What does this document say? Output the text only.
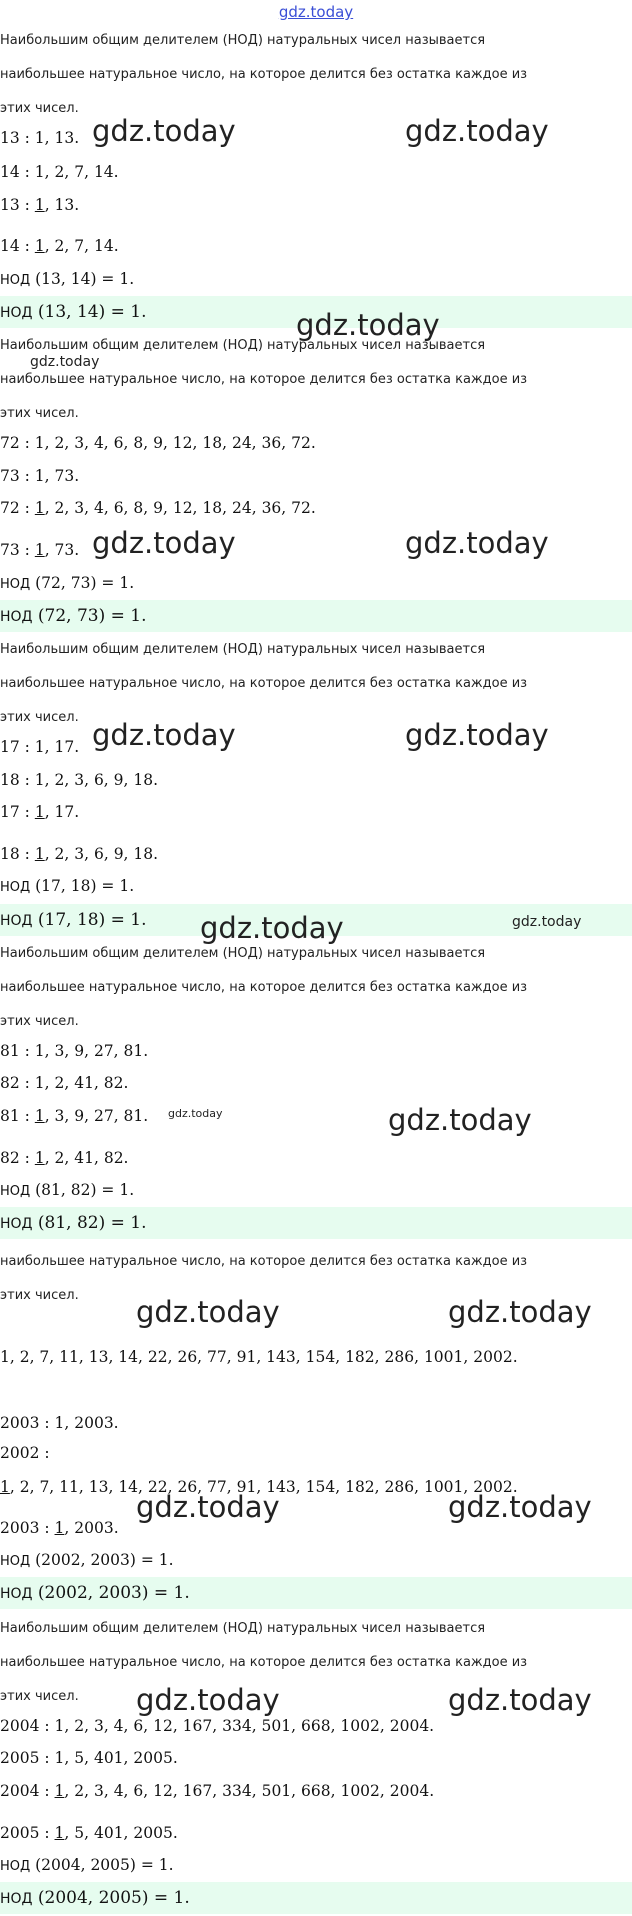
gdz.today
Наибольшим общим делителем (НОД) натуральных чисел называется
наибольшее натуральное число, на которое делится без остатка каждое из
этих чисел.
13 : 1, 13.
14 : 1, 2, 7, 14.
13 : 1, 13.
14 : 1, 2, 7, 14.
НОД (13, 14) = 1.
НОД (13, 14) = 1.
Наибольшим общим делителем (НОД) натуральных чисел называется
наибольшее натуральное число, на которое делится без остатка каждое из
этих чисел.
72 : 1, 2, 3, 4, 6, 8, 9, 12, 18, 24, 36, 72.
73 : 1, 73.
72 : 1, 2, 3, 4, 6, 8, 9, 12, 18, 24, 36, 72.
73 : 1, 73.
НОД (72, 73) = 1.
НОД (72, 73) = 1.
Наибольшим общим делителем (НОД) натуральных чисел называется
наибольшее натуральное число, на которое делится без остатка каждое из
этих чисел.
17 : 1, 17.
18 : 1, 2, 3, 6, 9, 18.
17 : 1, 17.
18 : 1, 2, 3, 6, 9, 18.
НОД (17, 18) = 1.
НОД (17, 18) = 1.
Наибольшим общим делителем (НОД) натуральных чисел называется
наибольшее натуральное число, на которое делится без остатка каждое из
этих чисел.
81 : 1, 3, 9, 27, 81.
82 : 1, 2, 41, 82.
81 : 1, 3, 9, 27, 81.
82 : 1, 2, 41, 82.
НОД (81, 82) = 1.
НОД (81, 82) = 1.
наибольшее натуральное число, на которое делится без остатка каждое из
этих чисел.
1, 2, 7, 11, 13, 14, 22, 26, 77, 91, 143, 154, 182, 286, 1001, 2002.
2003 : 1, 2003.
2002 :
1, 2, 7, 11, 13, 14, 22, 26, 77, 91, 143, 154, 182, 286, 1001, 2002.
2003 : 1, 2003.
НОД (2002, 2003) = 1.
НОД (2002, 2003) = 1.
Наибольшим общим делителем (НОД) натуральных чисел называется
наибольшее натуральное число, на которое делится без остатка каждое из
этих чисел.
2004 : 1, 2, 3, 4, 6, 12, 167, 334, 501, 668, 1002, 2004.
2005 : 1, 5, 401, 2005.
2004 : 1, 2, 3, 4, 6, 12, 167, 334, 501, 668, 1002, 2004.
2005 : 1, 5, 401, 2005.
НОД (2004, 2005) = 1.
НОД (2004, 2005) = 1.
gdz.today	gdz.today
gdz.today
gdz.today
gdz.today	gdz.today
gdz.today	gdz.today
gdz.today	gdz.today
gdz.today	gdz.today
gdz.today	gdz.today
gdz.today	gdz.today
gdz.today	gdz.today
